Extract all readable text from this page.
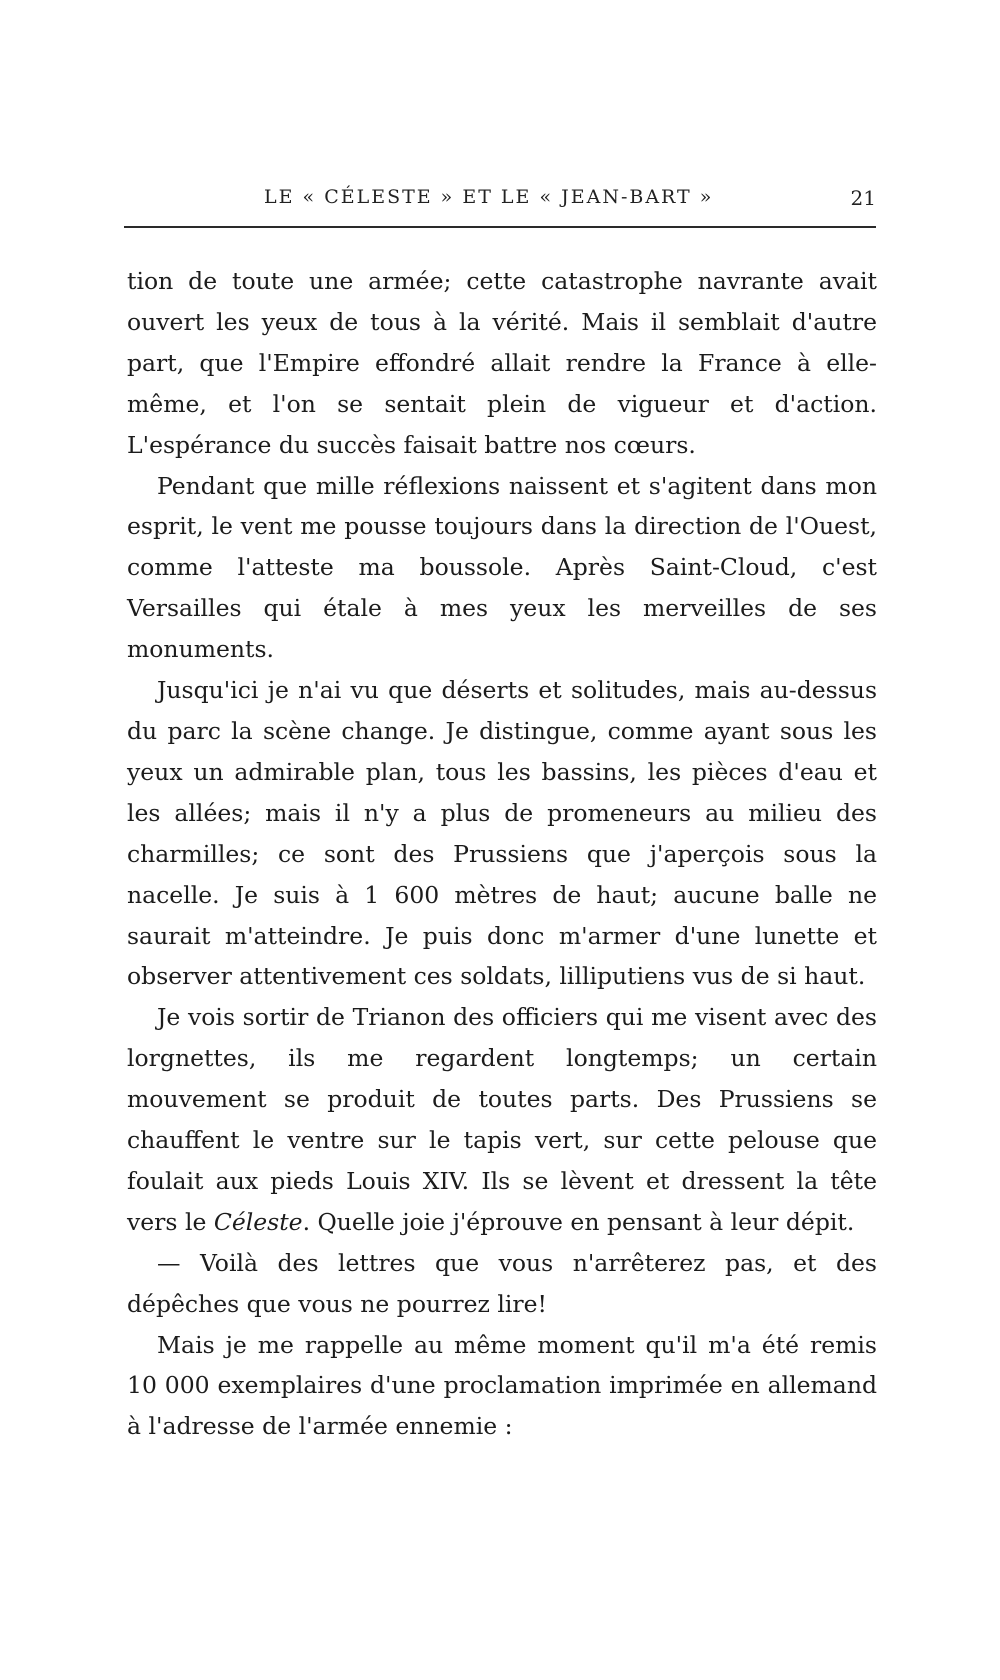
LE « CÉLESTE » ET LE « JEAN-BART »	21

tion de toute une armée; cette catastrophe navrante avait ouvert les yeux de tous à la vérité. Mais il semblait d'autre part, que l'Empire effondré allait rendre la France à elle-même, et l'on se sentait plein de vigueur et d'action. L'espérance du succès faisait battre nos cœurs.

Pendant que mille réflexions naissent et s'agitent dans mon esprit, le vent me pousse toujours dans la direction de l'Ouest, comme l'atteste ma boussole. Après Saint-Cloud, c'est Versailles qui étale à mes yeux les merveilles de ses monuments.

Jusqu'ici je n'ai vu que déserts et solitudes, mais au-dessus du parc la scène change. Je distingue, comme ayant sous les yeux un admirable plan, tous les bassins, les pièces d'eau et les allées; mais il n'y a plus de promeneurs au milieu des charmilles; ce sont des Prussiens que j'aperçois sous la nacelle. Je suis à 1 600 mètres de haut; aucune balle ne saurait m'atteindre. Je puis donc m'armer d'une lunette et observer attentivement ces soldats, lilliputiens vus de si haut.

Je vois sortir de Trianon des officiers qui me visent avec des lorgnettes, ils me regardent longtemps; un certain mouvement se produit de toutes parts. Des Prussiens se chauffent le ventre sur le tapis vert, sur cette pelouse que foulait aux pieds Louis XIV. Ils se lèvent et dressent la tête vers le Céleste. Quelle joie j'éprouve en pensant à leur dépit.

— Voilà des lettres que vous n'arrêterez pas, et des dépêches que vous ne pourrez lire!

Mais je me rappelle au même moment qu'il m'a été remis 10 000 exemplaires d'une proclamation imprimée en allemand à l'adresse de l'armée ennemie :
